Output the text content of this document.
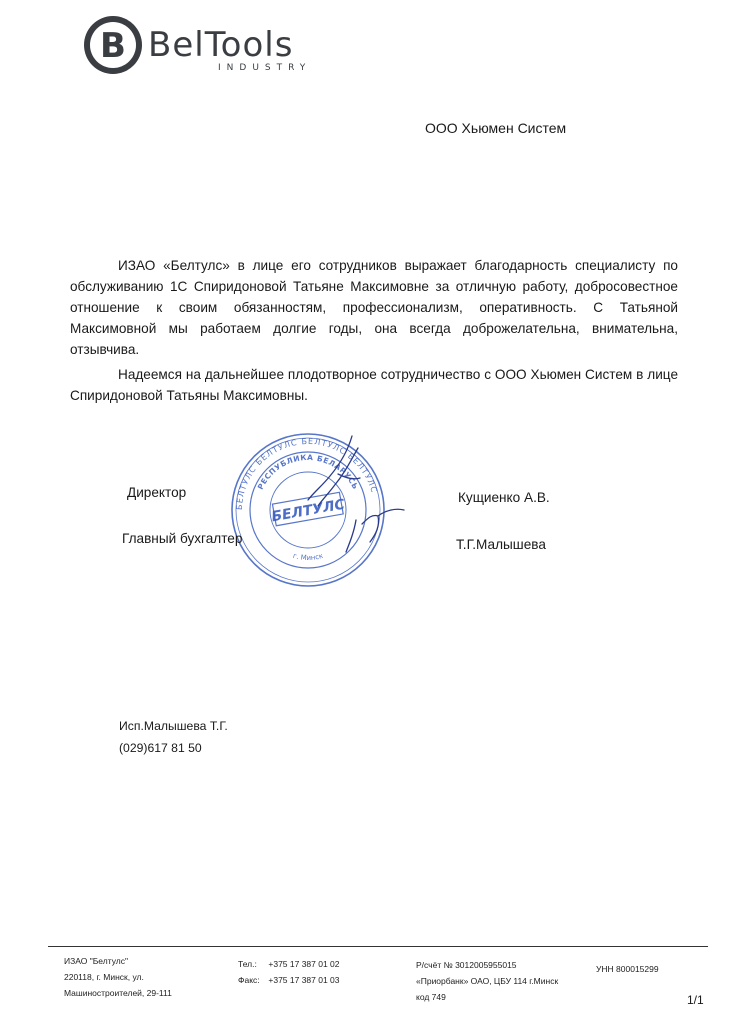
B BelTools
INDUSTRY
ООО Хьюмен Систем

ИЗАО «Белтулс» в лице его сотрудников выражает благодарность специалисту по обслуживанию 1С Спиридоновой Татьяне Максимовне за отличную работу, добросовестное отношение к своим обязанностям, профессионализм, оперативность. С Татьяной Максимовной мы работаем долгие годы, она всегда доброжелательна, внимательна, отзывчива.

Надеемся на дальнейшее плодотворное сотрудничество с ООО Хьюмен Систем в лице Спиридоновой Татьяны Максимовны.

БЕЛТУЛС БЕЛТУЛС БЕЛТУЛС БЕЛТУЛС
РЕСПУБЛИКА БЕЛАРУСЬ
г. Минск
БЕЛТУЛС
Директор	Кущиенко А.В.
Главный бухгалтер	Т.Г.Малышева
Исп.Малышева Т.Г.
(029)617 81 50
ИЗАО "Белтулс"
220118, г. Минск, ул.
Машиностроителей, 29-111
Тел.: +375 17 387 01 02
Факс: +375 17 387 01 03
Р/счёт № 3012005955015
«Приорбанк» ОАО, ЦБУ 114 г.Минск
код 749
УНН 800015299
1/1
